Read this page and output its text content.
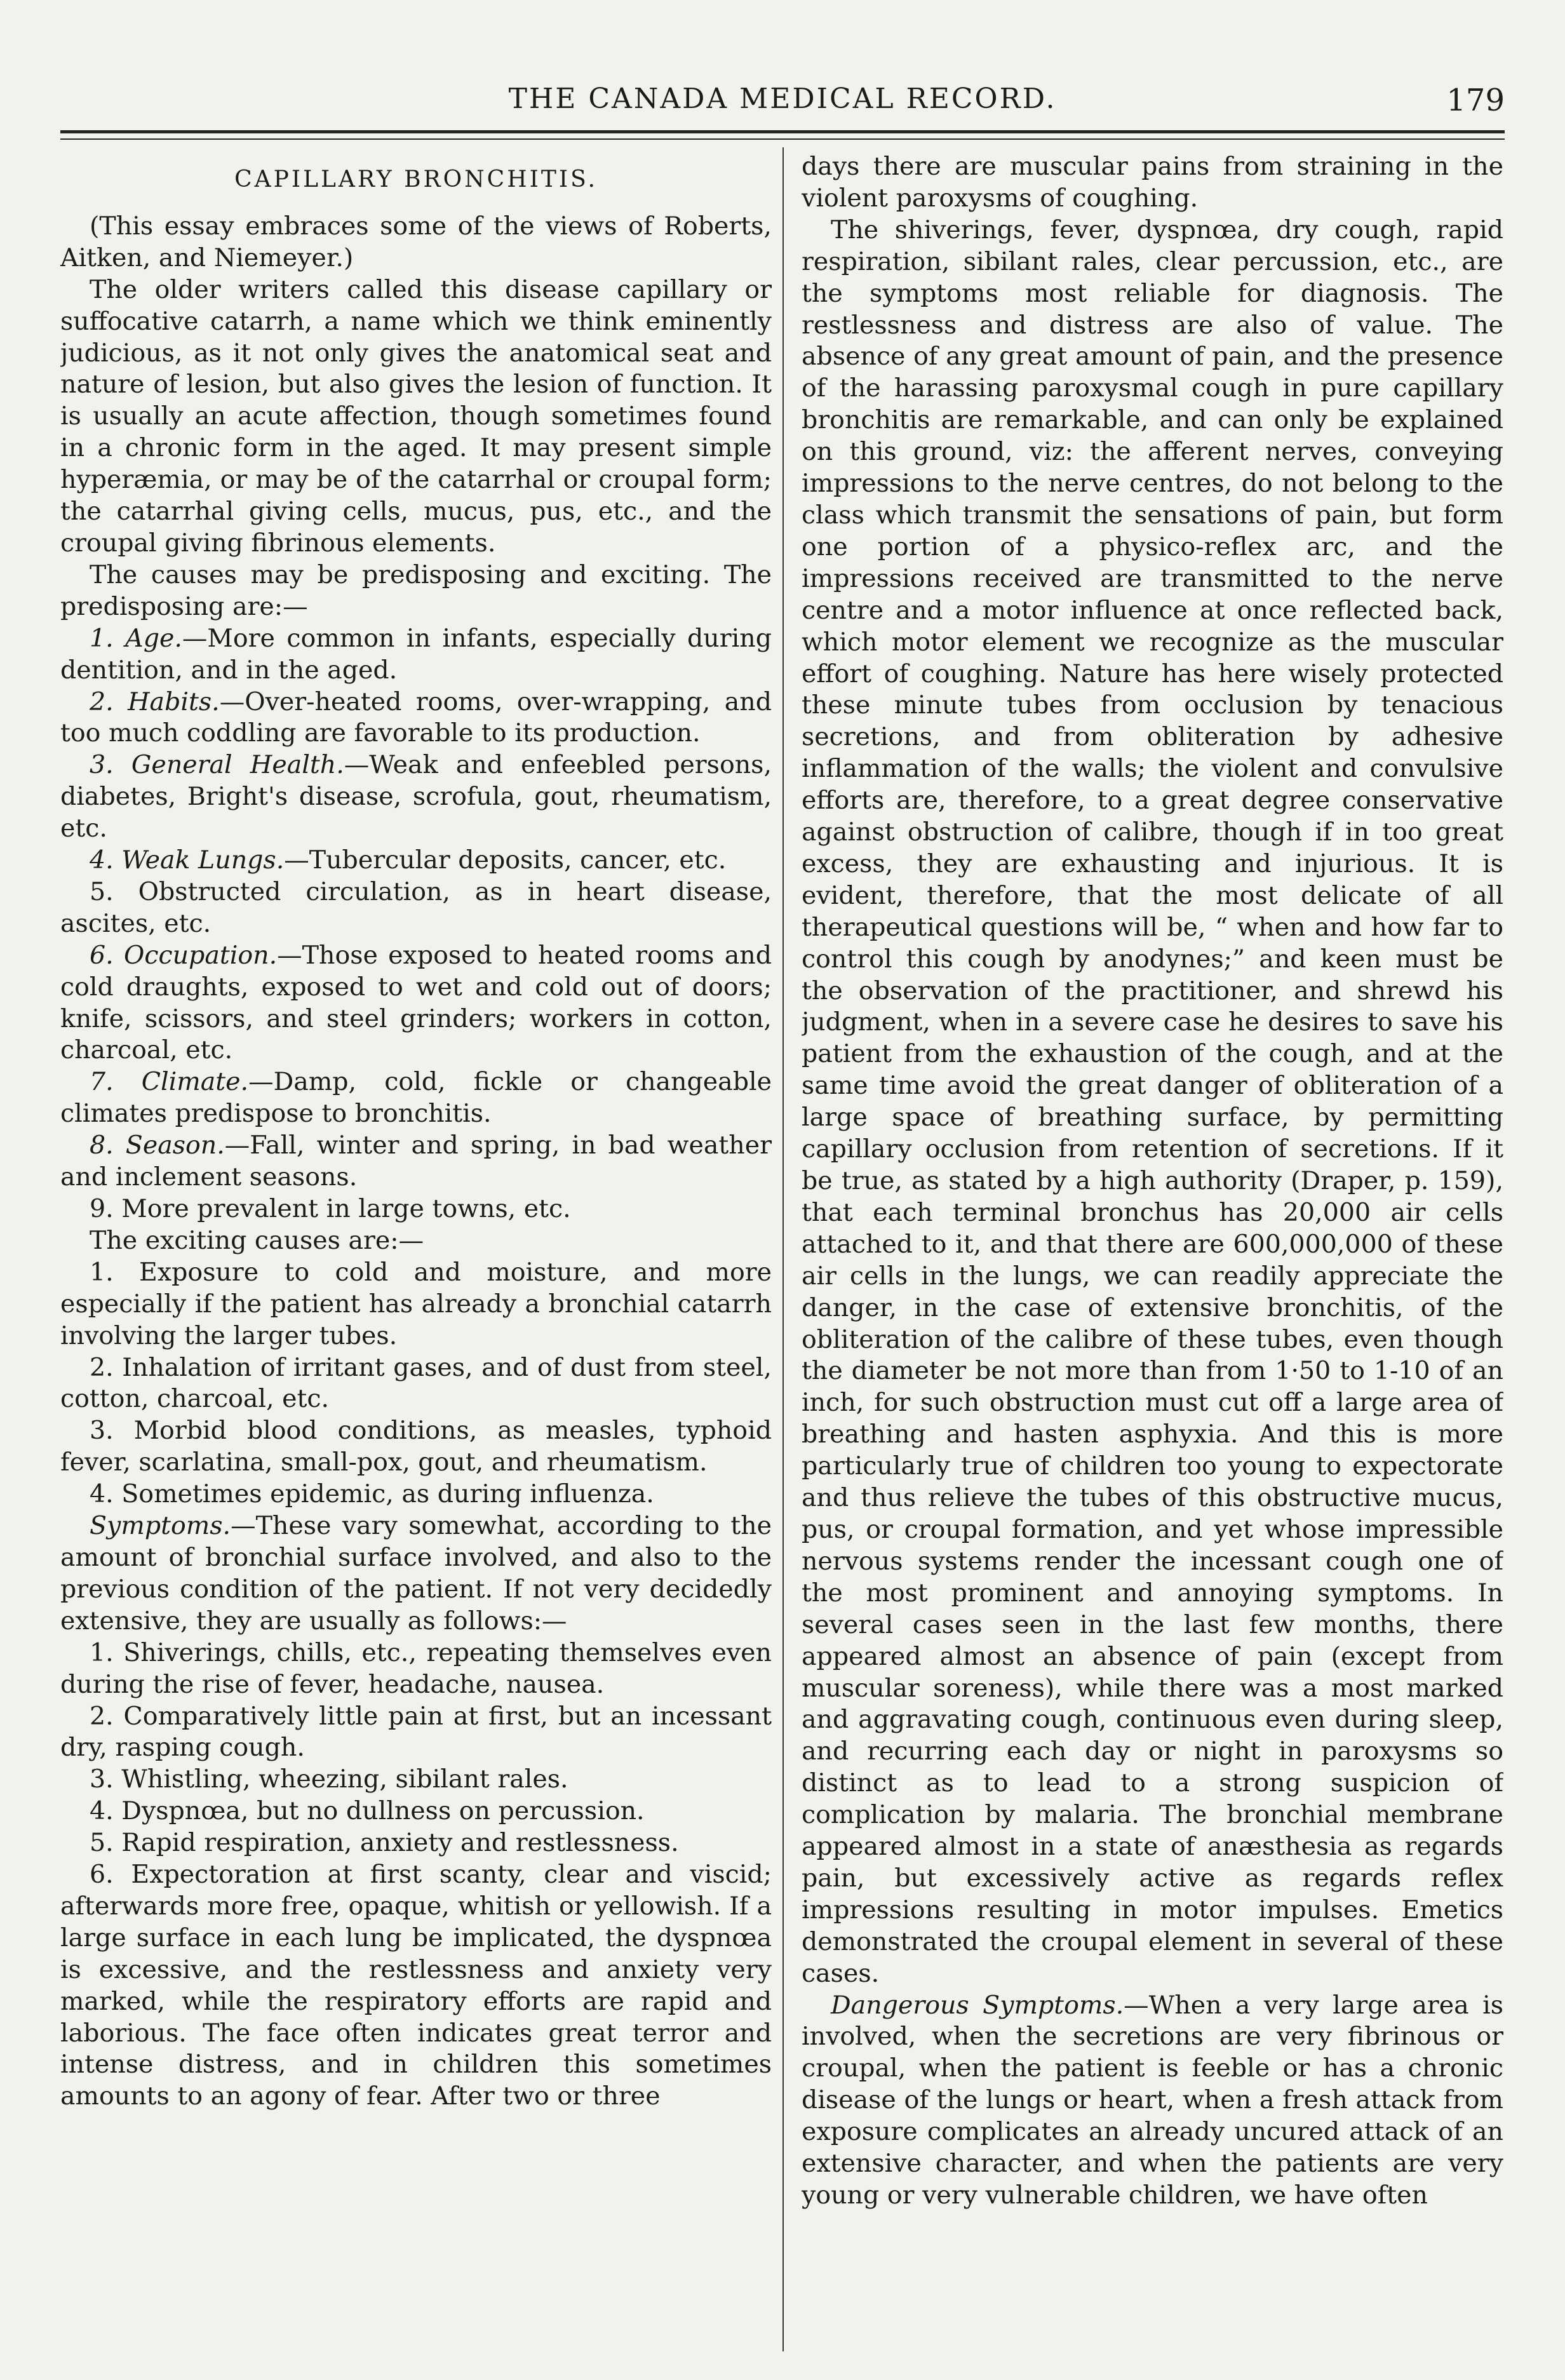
THE CANADA MEDICAL RECORD.	179
CAPILLARY BRONCHITIS.

(This essay embraces some of the views of Roberts, Aitken, and Niemeyer.)

The older writers called this disease capillary or suffocative catarrh, a name which we think eminently judicious, as it not only gives the anatomical seat and nature of lesion, but also gives the lesion of function. It is usually an acute affection, though sometimes found in a chronic form in the aged. It may present simple hyperæmia, or may be of the catarrhal or croupal form; the catarrhal giving cells, mucus, pus, etc., and the croupal giving fibrinous elements.

The causes may be predisposing and exciting. The predisposing are:—

1. Age.—More common in infants, especially during dentition, and in the aged.

2. Habits.—Over-heated rooms, over-wrapping, and too much coddling are favorable to its production.

3. General Health.—Weak and enfeebled persons, diabetes, Bright's disease, scrofula, gout, rheumatism, etc.

4. Weak Lungs.—Tubercular deposits, cancer, etc.

5. Obstructed circulation, as in heart disease, ascites, etc.

6. Occupation.—Those exposed to heated rooms and cold draughts, exposed to wet and cold out of doors; knife, scissors, and steel grinders; workers in cotton, charcoal, etc.

7. Climate.—Damp, cold, fickle or changeable climates predispose to bronchitis.

8. Season.—Fall, winter and spring, in bad weather and inclement seasons.

9. More prevalent in large towns, etc.

The exciting causes are:—

1. Exposure to cold and moisture, and more especially if the patient has already a bronchial catarrh involving the larger tubes.

2. Inhalation of irritant gases, and of dust from steel, cotton, charcoal, etc.

3. Morbid blood conditions, as measles, typhoid fever, scarlatina, small-pox, gout, and rheumatism.

4. Sometimes epidemic, as during influenza.

Symptoms.—These vary somewhat, according to the amount of bronchial surface involved, and also to the previous condition of the patient. If not very decidedly extensive, they are usually as follows:—

1. Shiverings, chills, etc., repeating themselves even during the rise of fever, headache, nausea.

2. Comparatively little pain at first, but an incessant dry, rasping cough.

3. Whistling, wheezing, sibilant rales.

4. Dyspnœa, but no dullness on percussion.

5. Rapid respiration, anxiety and restlessness.

6. Expectoration at first scanty, clear and viscid; afterwards more free, opaque, whitish or yellowish. If a large surface in each lung be implicated, the dyspnœa is excessive, and the restlessness and anxiety very marked, while the respiratory efforts are rapid and laborious. The face often indicates great terror and intense distress, and in children this sometimes amounts to an agony of fear. After two or three

days there are muscular pains from straining in the violent paroxysms of coughing.

The shiverings, fever, dyspnœa, dry cough, rapid respiration, sibilant rales, clear percussion, etc., are the symptoms most reliable for diagnosis. The restlessness and distress are also of value. The absence of any great amount of pain, and the presence of the harassing paroxysmal cough in pure capillary bronchitis are remarkable, and can only be explained on this ground, viz: the afferent nerves, conveying impressions to the nerve centres, do not belong to the class which transmit the sensations of pain, but form one portion of a physico-reflex arc, and the impressions received are transmitted to the nerve centre and a motor influence at once reflected back, which motor element we recognize as the muscular effort of coughing. Nature has here wisely protected these minute tubes from occlusion by tenacious secretions, and from obliteration by adhesive inflammation of the walls; the violent and convulsive efforts are, therefore, to a great degree conservative against obstruction of calibre, though if in too great excess, they are exhausting and injurious. It is evident, therefore, that the most delicate of all therapeutical questions will be, “ when and how far to control this cough by anodynes;” and keen must be the observation of the practitioner, and shrewd his judgment, when in a severe case he desires to save his patient from the exhaustion of the cough, and at the same time avoid the great danger of obliteration of a large space of breathing surface, by permitting capillary occlusion from retention of secretions. If it be true, as stated by a high authority (Draper, p. 159), that each terminal bronchus has 20,000 air cells attached to it, and that there are 600,000,000 of these air cells in the lungs, we can readily appreciate the danger, in the case of extensive bronchitis, of the obliteration of the calibre of these tubes, even though the diameter be not more than from 1·50 to 1-10 of an inch, for such obstruction must cut off a large area of breathing and hasten asphyxia. And this is more particularly true of children too young to expectorate and thus relieve the tubes of this obstructive mucus, pus, or croupal formation, and yet whose impressible nervous systems render the incessant cough one of the most prominent and annoying symptoms. In several cases seen in the last few months, there appeared almost an absence of pain (except from muscular soreness), while there was a most marked and aggravating cough, continuous even during sleep, and recurring each day or night in paroxysms so distinct as to lead to a strong suspicion of complication by malaria. The bronchial membrane appeared almost in a state of anæsthesia as regards pain, but excessively active as regards reflex impressions resulting in motor impulses. Emetics demonstrated the croupal element in several of these cases.

Dangerous Symptoms.—When a very large area is involved, when the secretions are very fibrinous or croupal, when the patient is feeble or has a chronic disease of the lungs or heart, when a fresh attack from exposure complicates an already uncured attack of an extensive character, and when the patients are very young or very vulnerable children, we have often
